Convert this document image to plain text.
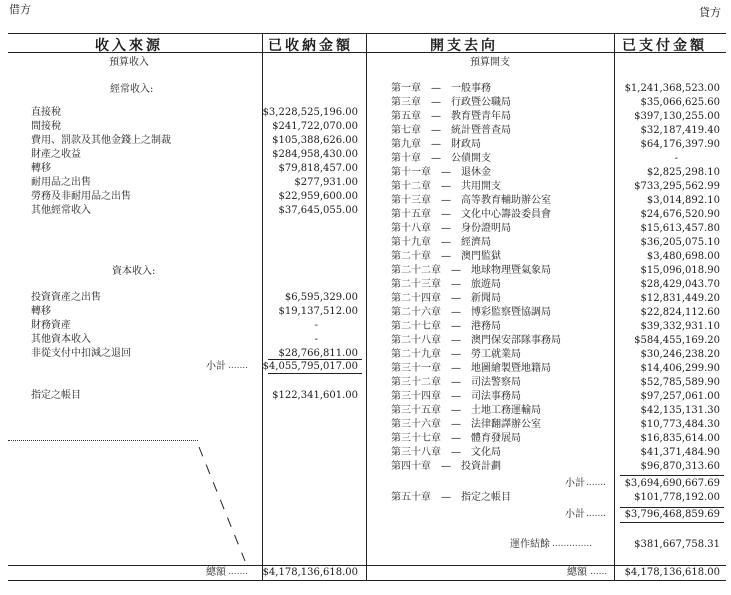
借方	貸方
收入來源	已收納金額	開支去向	已支付金額
預算收入
經常收入:
直接稅	$3,228,525,196.00
間接稅	$241,722,070.00
費用、罰款及其他金錢上之制裁	$105,388,626.00
財產之收益	$284,958,430.00
轉移	$79,818,457.00
耐用品之出售	$277,931.00
勞務及非耐用品之出售	$22,959,600.00
其他經常收入	$37,645,055.00
資本收入:
投資資產之出售	$6,595,329.00
轉移	$19,137,512.00
財務資產	-
其他資本收入	-
非從支付中扣減之退回	$28,766,811.00
小計 ....... $4,055,795,017.00
指定之帳目	$122,341,601.00
總額 ....... $4,178,136,618.00
預算開支
第一章　—　一般事務	$1,241,368,523.00
第三章　—　行政暨公職局	$35,066,625.60
第五章　—　教育暨青年局	$397,130,255.00
第七章　—　統計暨普查局	$32,187,419.40
第九章　—　財政局	$64,176,397.90
第十章　—　公債開支	-
第十一章　—　退休金	$2,825,298.10
第十二章　—　共用開支	$733,295,562.99
第十三章　—　高等教育輔助辦公室	$3,014,892.10
第十五章　—　文化中心籌設委員會	$24,676,520.90
第十八章　—　身份證明局	$15,613,457.80
第十九章　—　經濟局	$36,205,075.10
第二十章　—　澳門監獄	$3,480,698.00
第二十二章　—　地球物理暨氣象局	$15,096,018.90
第二十三章　—　旅遊局	$28,429,043.70
第二十四章　—　新聞局	$12,831,449.20
第二十六章　—　博彩監察暨協調局	$22,824,112.60
第二十七章　—　港務局	$39,332,931.10
第二十八章　—　澳門保安部隊事務局	$584,455,169.20
第二十九章　—　勞工就業局	$30,246,238.20
第三十一章　—　地圖繪製暨地籍局	$14,406,299.90
第三十二章　—　司法警察局	$52,785,589.90
第三十四章　—　司法事務局	$97,257,061.00
第三十五章　—　土地工務運輸局	$42,135,131.30
第三十六章　—　法律翻譯辦公室	$10,773,484.30
第三十七章　—　體育發展局	$16,835,614.00
第三十八章　—　文化局	$41,371,484.90
第四十章　—　投資計劃	$96,870,313.60
小計 .......	$3,694,690,667.69
第五十章　—　指定之帳目	$101,778,192.00
小計 .......	$3,796,468,859.69
運作結餘 ..............	$381,667,758.31
總額 ......	$4,178,136,618.00
